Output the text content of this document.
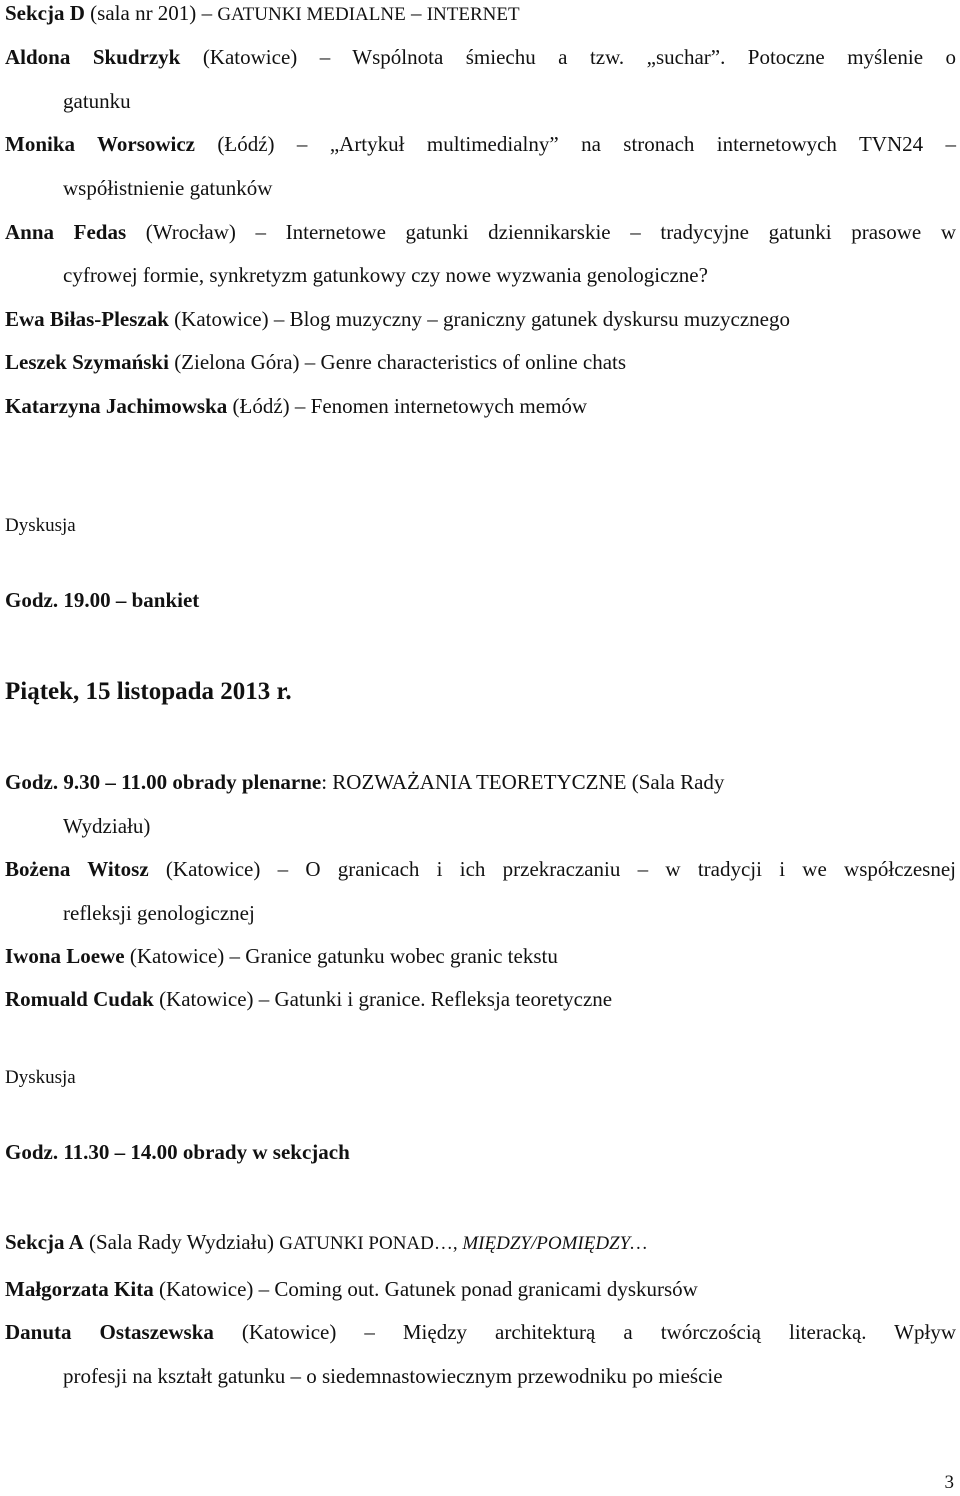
Sekcja D (sala nr 201) – GATUNKI MEDIALNE – INTERNET
Aldona Skudrzyk (Katowice) – Wspólnota śmiechu a tzw. „suchar”. Potoczne myślenie o
gatunku
Monika Worsowicz (Łódź) – „Artykuł multimedialny” na stronach internetowych TVN24 –
współistnienie gatunków
Anna Fedas (Wrocław) – Internetowe gatunki dziennikarskie – tradycyjne gatunki prasowe w
cyfrowej formie, synkretyzm gatunkowy czy nowe wyzwania genologiczne?
Ewa Biłas-Pleszak (Katowice) – Blog muzyczny – graniczny gatunek dyskursu muzycznego
Leszek Szymański (Zielona Góra) – Genre characteristics of online chats
Katarzyna Jachimowska (Łódź) – Fenomen internetowych memów
Dyskusja
Godz. 19.00 – bankiet
Piątek, 15 listopada 2013 r.
Godz. 9.30 – 11.00 obrady plenarne: ROZWAŻANIA TEORETYCZNE (Sala Rady
Wydziału)
Bożena Witosz (Katowice) – O granicach i ich przekraczaniu – w tradycji i we współczesnej
refleksji genologicznej
Iwona Loewe (Katowice) – Granice gatunku wobec granic tekstu
Romuald Cudak (Katowice) – Gatunki i granice. Refleksja teoretyczne
Dyskusja
Godz. 11.30 – 14.00 obrady w sekcjach
Sekcja A (Sala Rady Wydziału) GATUNKI PONAD…, MIĘDZY/POMIĘDZY…
Małgorzata Kita (Katowice) – Coming out. Gatunek ponad granicami dyskursów
Danuta Ostaszewska (Katowice) – Między architekturą a twórczością literacką. Wpływ
profesji na kształt gatunku – o siedemnastowiecznym przewodniku po mieście
3
